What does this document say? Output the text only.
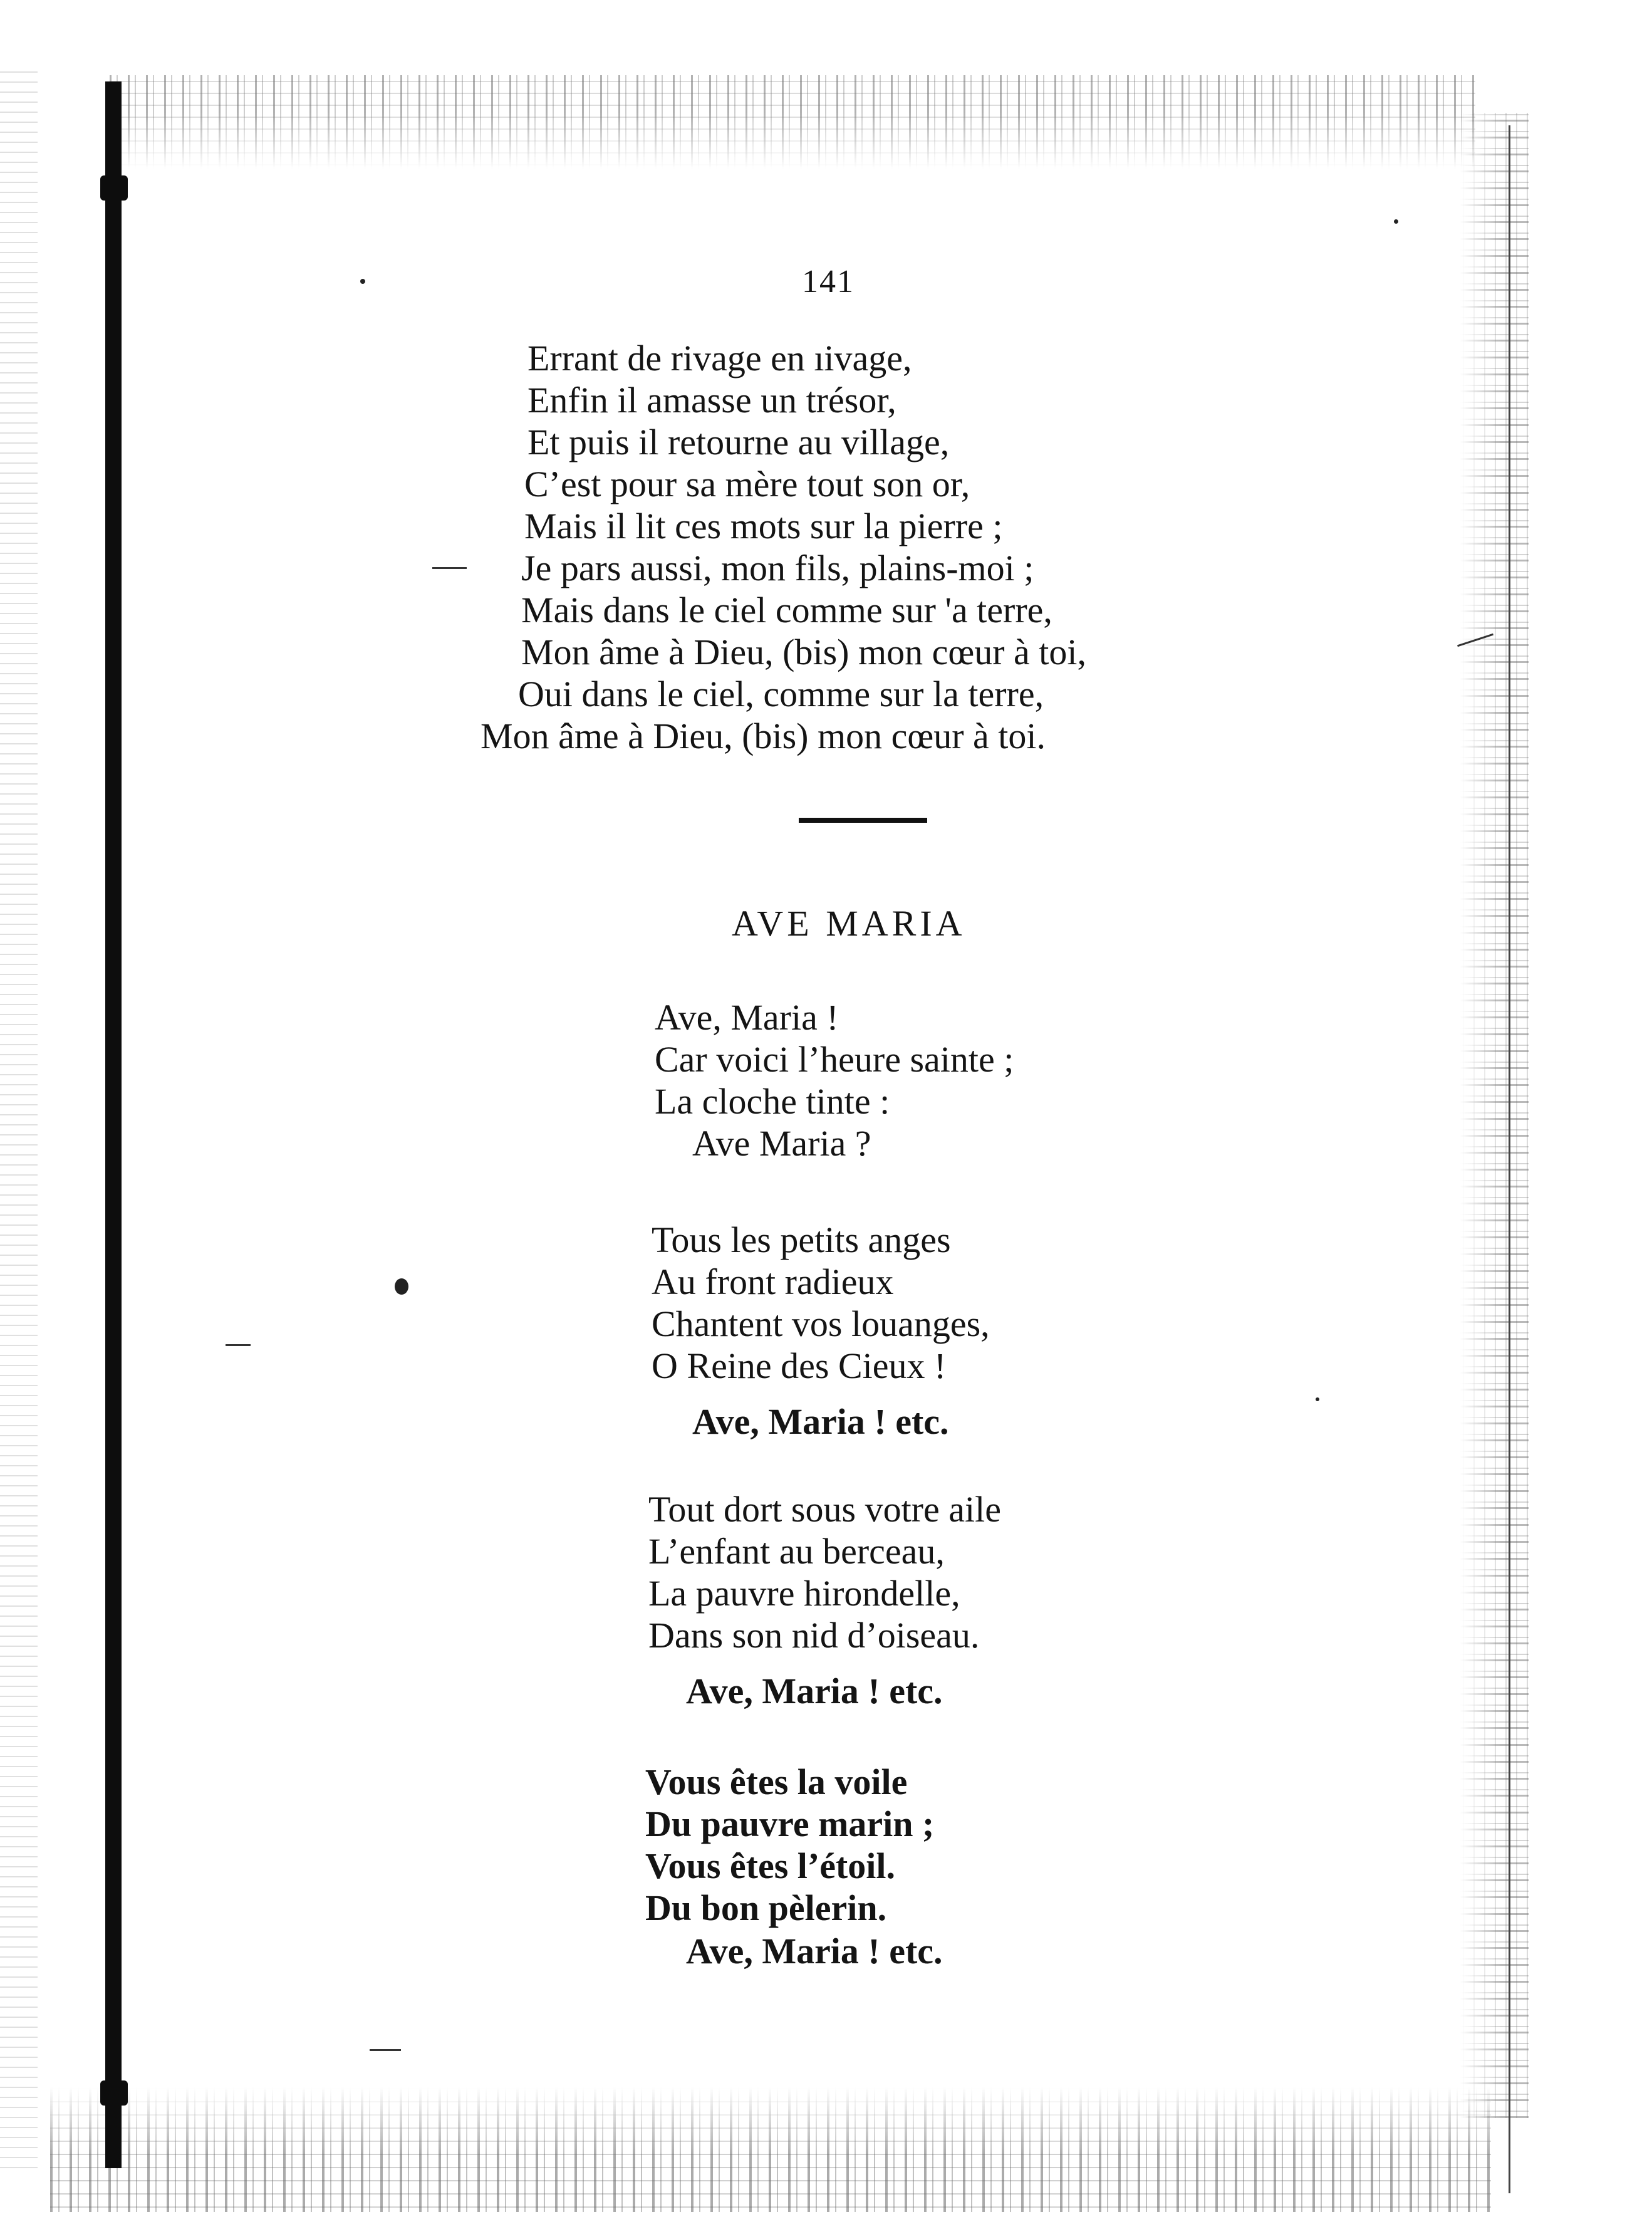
141
Errant de rivage en ıivage,
Enfin il amasse un trésor,
Et puis il retourne au village,
C’est pour sa mère tout son or,
Mais il lit ces mots sur la pierre ;
Je pars aussi, mon fils, plains-moi ;
Mais dans le ciel comme sur 'a terre,
Mon âme à Dieu, (bis) mon cœur à toi,
Oui dans le ciel, comme sur la terre,
Mon âme à Dieu, (bis) mon cœur à toi.
AVE MARIA
Ave, Maria !
Car voici l’heure sainte ;
La cloche tinte :
Ave Maria ?
Tous les petits anges
Au front radieux
Chantent vos louanges,
O Reine des Cieux !
Ave, Maria ! etc.
Tout dort sous votre aile
L’enfant au berceau,
La pauvre hirondelle,
Dans son nid d’oiseau.
Ave, Maria ! etc.
Vous êtes la voile
Du pauvre marin ;
Vous êtes l’étoil.
Du bon pèlerin.
Ave, Maria ! etc.
